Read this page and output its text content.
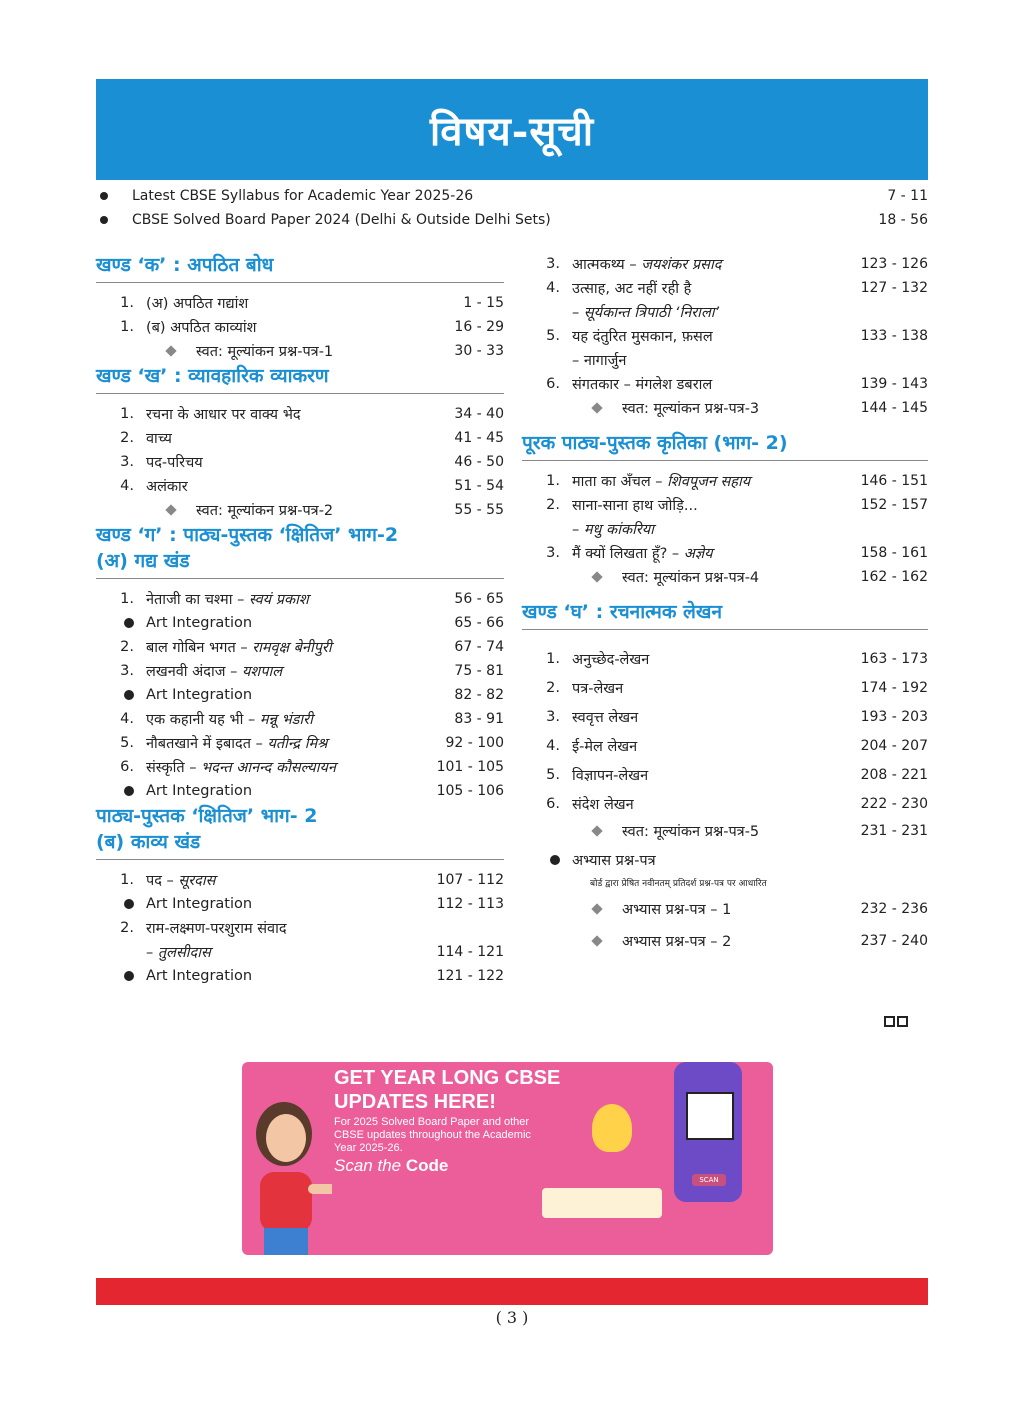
विषय-सूची
Latest CBSE Syllabus for Academic Year 2025-26	7 - 11
CBSE Solved Board Paper 2024 (Delhi & Outside Delhi Sets)	18 - 56
खण्ड ‘क’ : अपठित बोध
1. (अ) अपठित गद्यांश	1 - 15
1. (ब) अपठित काव्यांश	16 - 29
स्वत: मूल्यांकन प्रश्न-पत्र-1	30 - 33
खण्ड ‘ख’ : व्यावहारिक व्याकरण
1. रचना के आधार पर वाक्य भेद	34 - 40
2. वाच्य	41 - 45
3. पद-परिचय	46 - 50
4. अलंकार	51 - 54
स्वत: मूल्यांकन प्रश्न-पत्र-2	55 - 55
खण्ड ‘ग’ : पाठ्य-पुस्तक ‘क्षितिज’ भाग-2
(अ) गद्य खंड
1. नेताजी का चश्मा – स्वयं प्रकाश	56 - 65
Art Integration	65 - 66
2. बाल गोबिन भगत – रामवृक्ष बेनीपुरी	67 - 74
3. लखनवी अंदाज – यशपाल	75 - 81
Art Integration	82 - 82
4. एक कहानी यह भी – मन्नू भंडारी	83 - 91
5. नौबतखाने में इबादत – यतीन्द्र मिश्र	92 - 100
6. संस्कृति – भदन्त आनन्द कौसल्यायन	101 - 105
Art Integration	105 - 106
पाठ्य-पुस्तक ‘क्षितिज’ भाग- 2
(ब) काव्य खंड
1. पद – सूरदास	107 - 112
Art Integration	112 - 113
2. राम-लक्ष्मण-परशुराम संवाद
– तुलसीदास	114 - 121
Art Integration	121 - 122
3. आत्मकथ्य – जयशंकर प्रसाद	123 - 126
4. उत्साह, अट नहीं रही है	127 - 132
– सूर्यकान्त त्रिपाठी ‘निराला’
5. यह दंतुरित मुसकान, फ़सल	133 - 138
– नागार्जुन
6. संगतकार – मंगलेश डबराल	139 - 143
स्वत: मूल्यांकन प्रश्न-पत्र-3	144 - 145
पूरक पाठ्य-पुस्तक कृतिका (भाग- 2)
1. माता का अँचल – शिवपूजन सहाय	146 - 151
2. साना-साना हाथ जोड़ि...	152 - 157
– मधु कांकरिया
3. मैं क्यों लिखता हूँ? – अज्ञेय	158 - 161
स्वत: मूल्यांकन प्रश्न-पत्र-4	162 - 162
खण्ड ‘घ’ : रचनात्मक लेखन
1. अनुच्छेद-लेखन	163 - 173
2. पत्र-लेखन	174 - 192
3. स्ववृत्त लेखन	193 - 203
4. ई-मेल लेखन	204 - 207
5. विज्ञापन-लेखन	208 - 221
6. संदेश लेखन	222 - 230
स्वत: मूल्यांकन प्रश्न-पत्र-5	231 - 231
अभ्यास प्रश्न-पत्र
बोर्ड द्वारा प्रेषित नवीनतम् प्रतिदर्श प्रश्न-पत्र पर आधारित
अभ्यास प्रश्न-पत्र – 1	232 - 236
अभ्यास प्रश्न-पत्र – 2	237 - 240
GET YEAR LONG CBSE
UPDATES HERE!
For 2025 Solved Board Paper and other CBSE updates throughout the Academic Year 2025-26.
Scan the Code
SCAN
( 3 )
